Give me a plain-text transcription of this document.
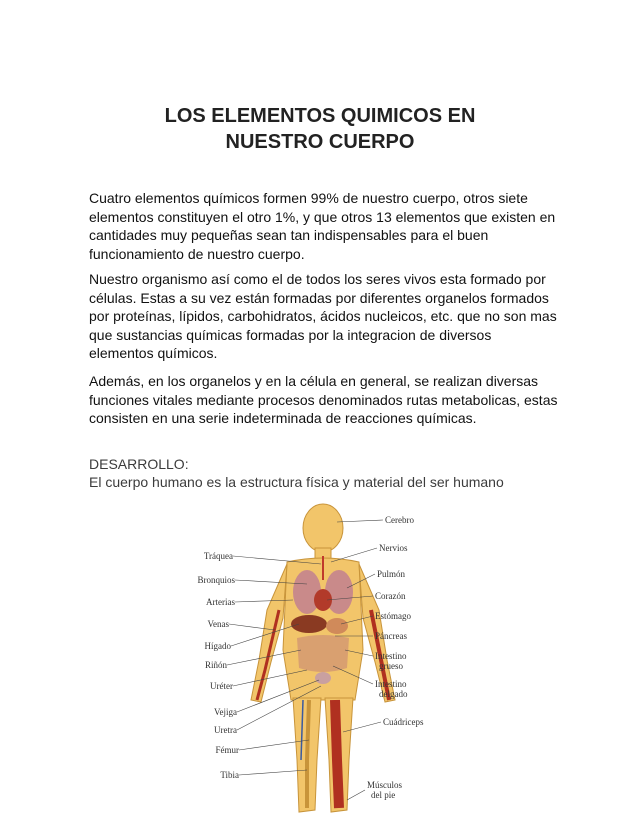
LOS ELEMENTOS QUIMICOS EN
NUESTRO CUERPO

Cuatro elementos químicos formen 99% de nuestro cuerpo, otros siete elementos constituyen el otro 1%, y que otros 13 elementos que existen en cantidades muy pequeñas sean tan indispensables para el buen funcionamiento de nuestro cuerpo.

Nuestro organismo así como el de todos los seres vivos esta formado por células. Estas a su vez están formadas por diferentes organelos formados por proteínas, lípidos, carbohidratos, ácidos nucleicos, etc. que no son mas que sustancias químicas formadas por la integracion de diversos elementos químicos.

Además, en los organelos y en la célula en general, se realizan diversas funciones vitales mediante procesos denominados rutas metabolicas, estas consisten en una serie indeterminada de reacciones químicas.

DESARROLLO:
El cuerpo humano es la estructura física y material del ser humano
Tráquea
Bronquios
Arterias
Venas
Hígado
Riñón
Uréter
Vejiga
Uretra
Fémur
Tibia
Cerebro
Nervios
Pulmón
Corazón
Estómago
Páncreas
Intestino
grueso
Intestino
delgado
Cuádriceps
Músculos
del pie
